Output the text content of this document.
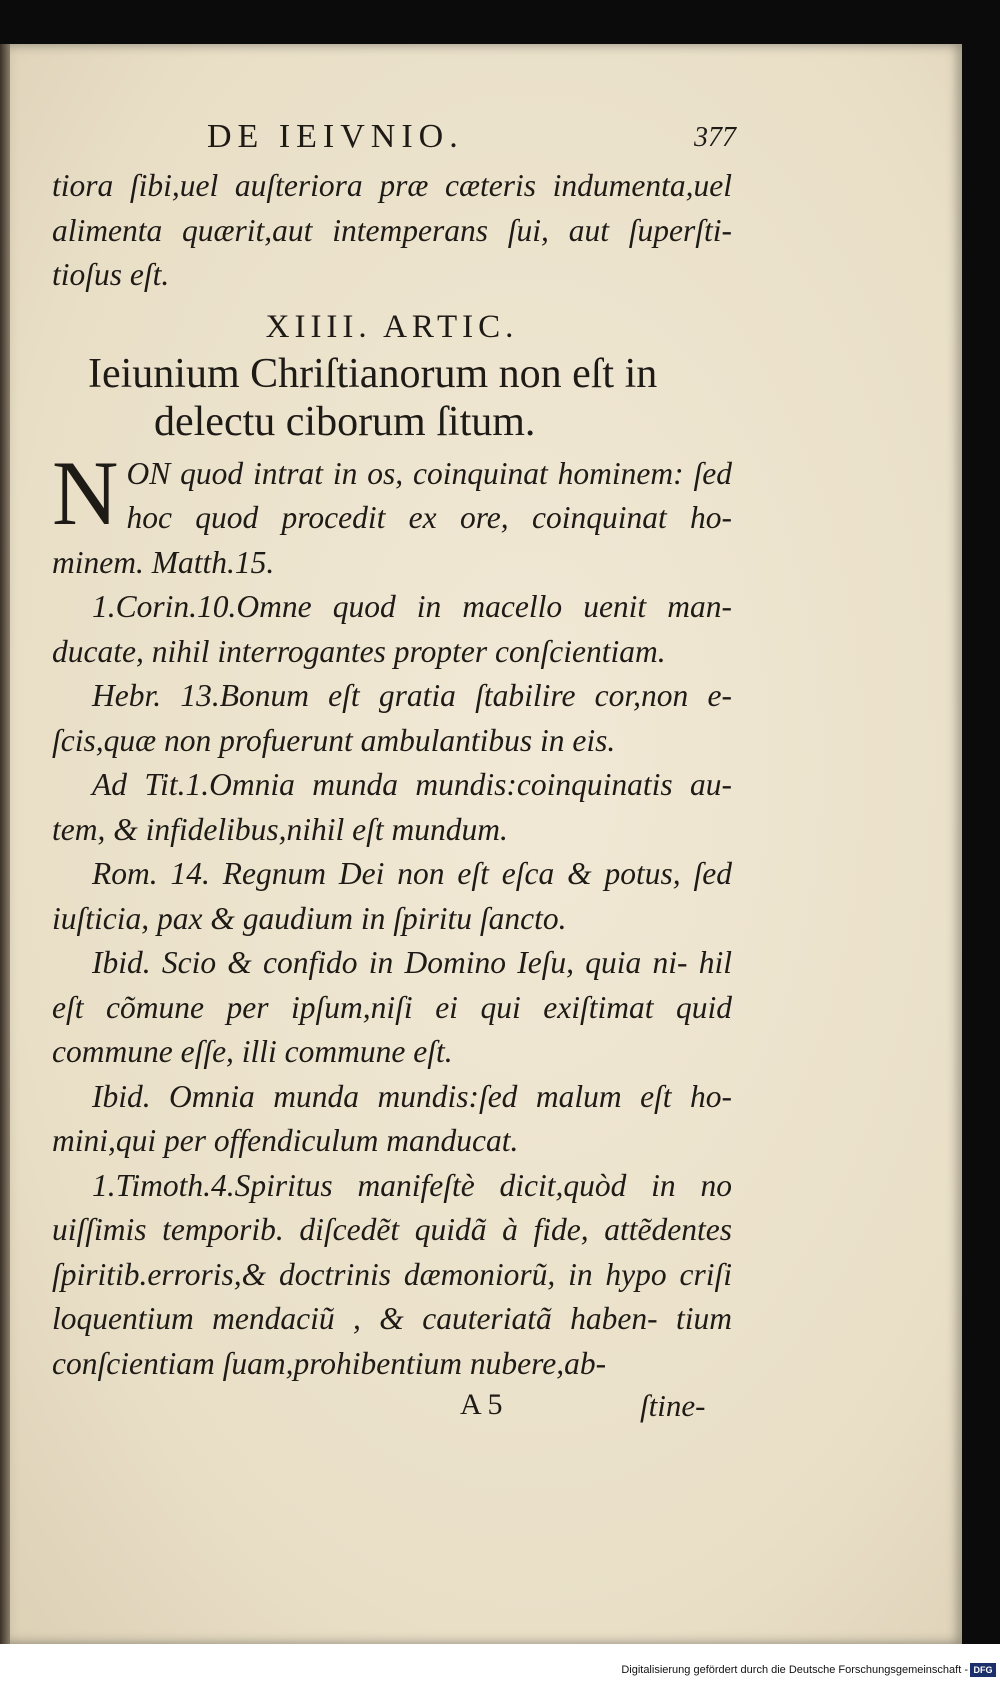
DE IEIVNIO.	377

tiora ſibi,uel auſteriora præ cæteris indumenta,uel alimenta quærit,aut intemperans ſui, aut ſuperſti- tioſus eſt.

XIIII. ARTIC.

Ieiunium Chriſtianorum non eſt in
delectu ciborum ſitum.

N ON quod intrat in os, coinquinat hominem: ſed hoc quod procedit ex ore, coinquinat ho- minem. Matth.15.

1.Corin.10.Omne quod in macello uenit man- ducate, nihil interrogantes propter conſcientiam.

Hebr. 13.Bonum eſt gratia ſtabilire cor,non e- ſcis,quæ non profuerunt ambulantibus in eis.

Ad Tit.1.Omnia munda mundis:coinquinatis au- tem, & infidelibus,nihil eſt mundum.

Rom. 14. Regnum Dei non eſt eſca & potus, ſed iuſticia, pax & gaudium in ſpiritu ſancto.

Ibid. Scio & confido in Domino Ieſu, quia ni- hil eſt cõmune per ipſum,niſi ei qui exiſtimat quid commune eſſe, illi commune eſt.

Ibid. Omnia munda mundis:ſed malum eſt ho- mini,qui per offendiculum manducat.

1.Timoth.4.Spiritus manifeſtè dicit,quòd in no uiſſimis temporib. diſcedẽt quidã à fide, attẽdentes ſpiritib.erroris,& doctrinis dæmoniorũ, in hypo criſi loquentium mendaciũ , & cauteriatã haben- tium conſcientiam ſuam,prohibentium nubere,ab-

A 5	ſtine-
Digitalisierung gefördert durch die Deutsche Forschungsgemeinschaft - DFG
